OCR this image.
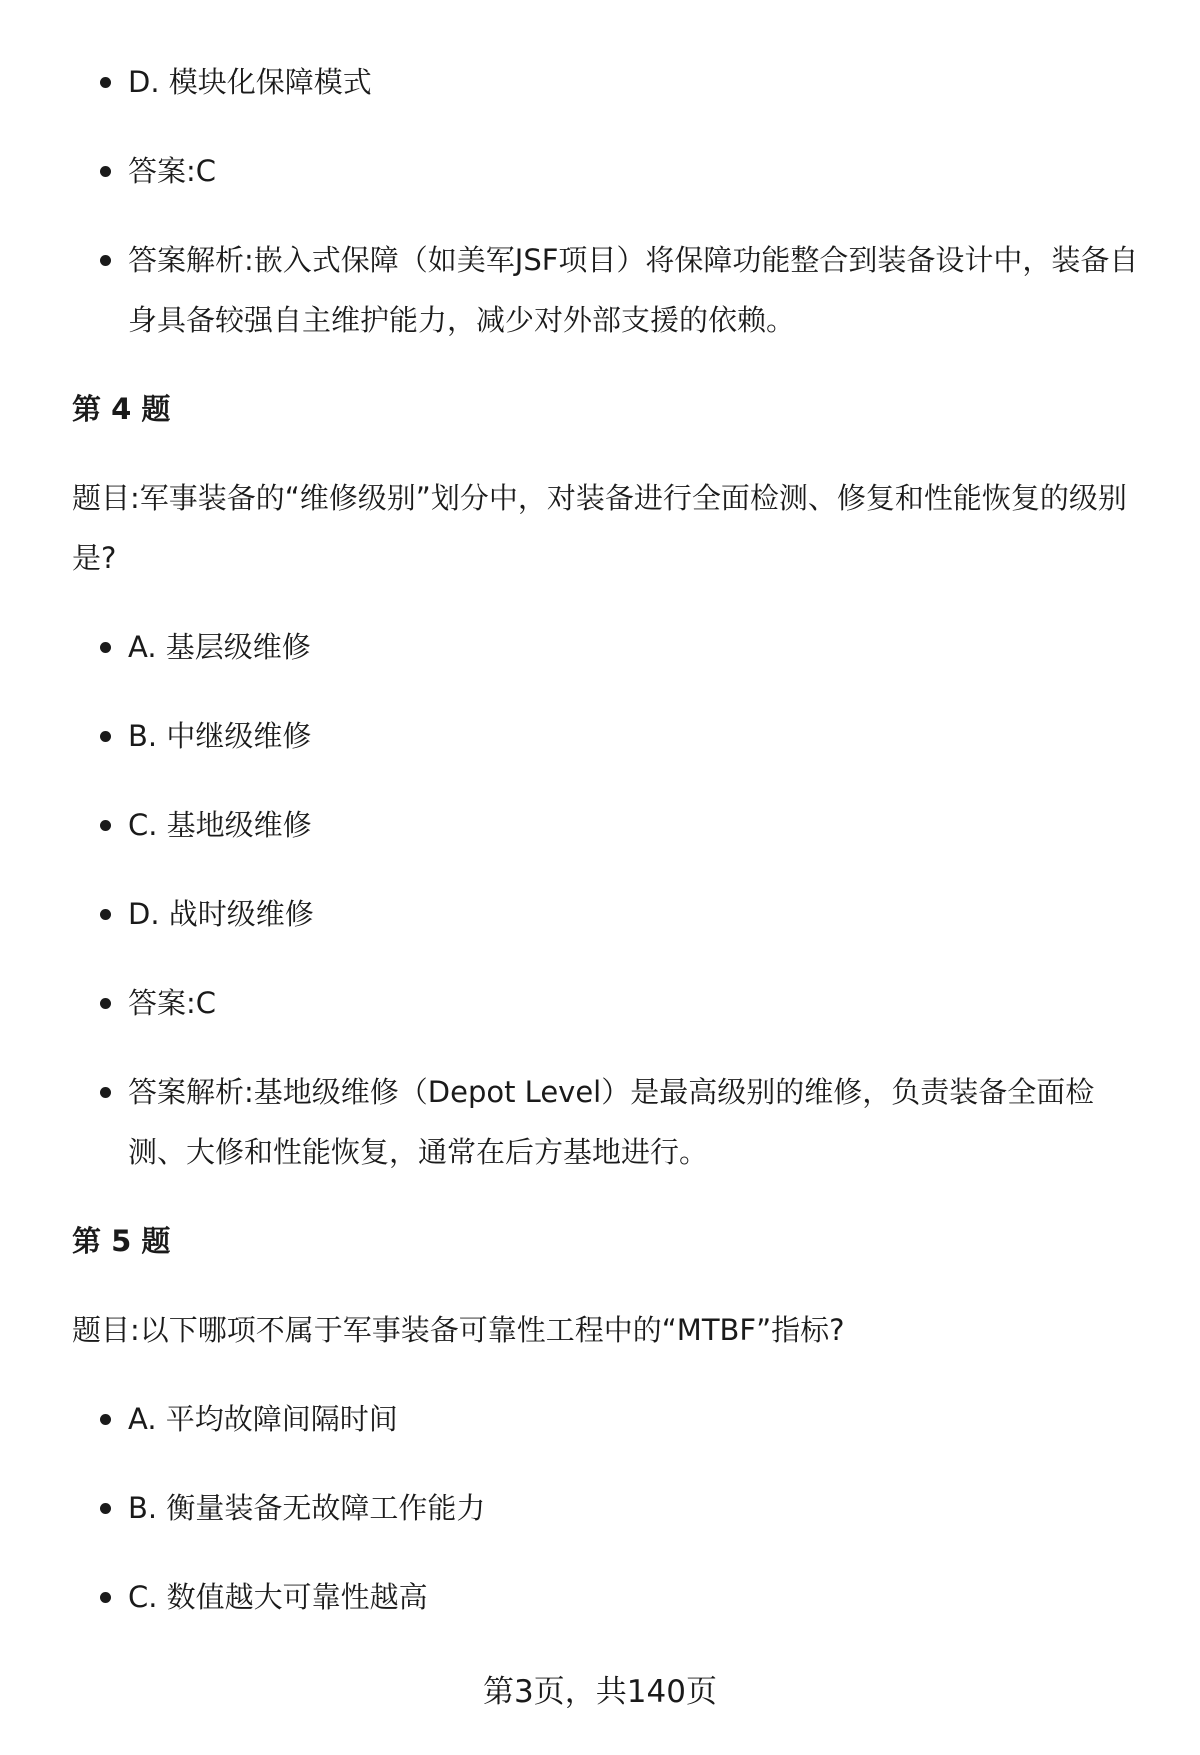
D. 模块化保障模式
答案:C
答案解析:嵌入式保障（如美军JSF项目）将保障功能整合到装备设计中，装备自身具备较强自主维护能力，减少对外部支援的依赖。
第 4 题
题目:军事装备的“维修级别”划分中，对装备进行全面检测、修复和性能恢复的级别是?
A. 基层级维修
B. 中继级维修
C. 基地级维修
D. 战时级维修
答案:C
答案解析:基地级维修（Depot Level）是最高级别的维修，负责装备全面检测、大修和性能恢复，通常在后方基地进行。
第 5 题
题目:以下哪项不属于军事装备可靠性工程中的“MTBF”指标?
A. 平均故障间隔时间
B. 衡量装备无故障工作能力
C. 数值越大可靠性越高
第3页，共140页
